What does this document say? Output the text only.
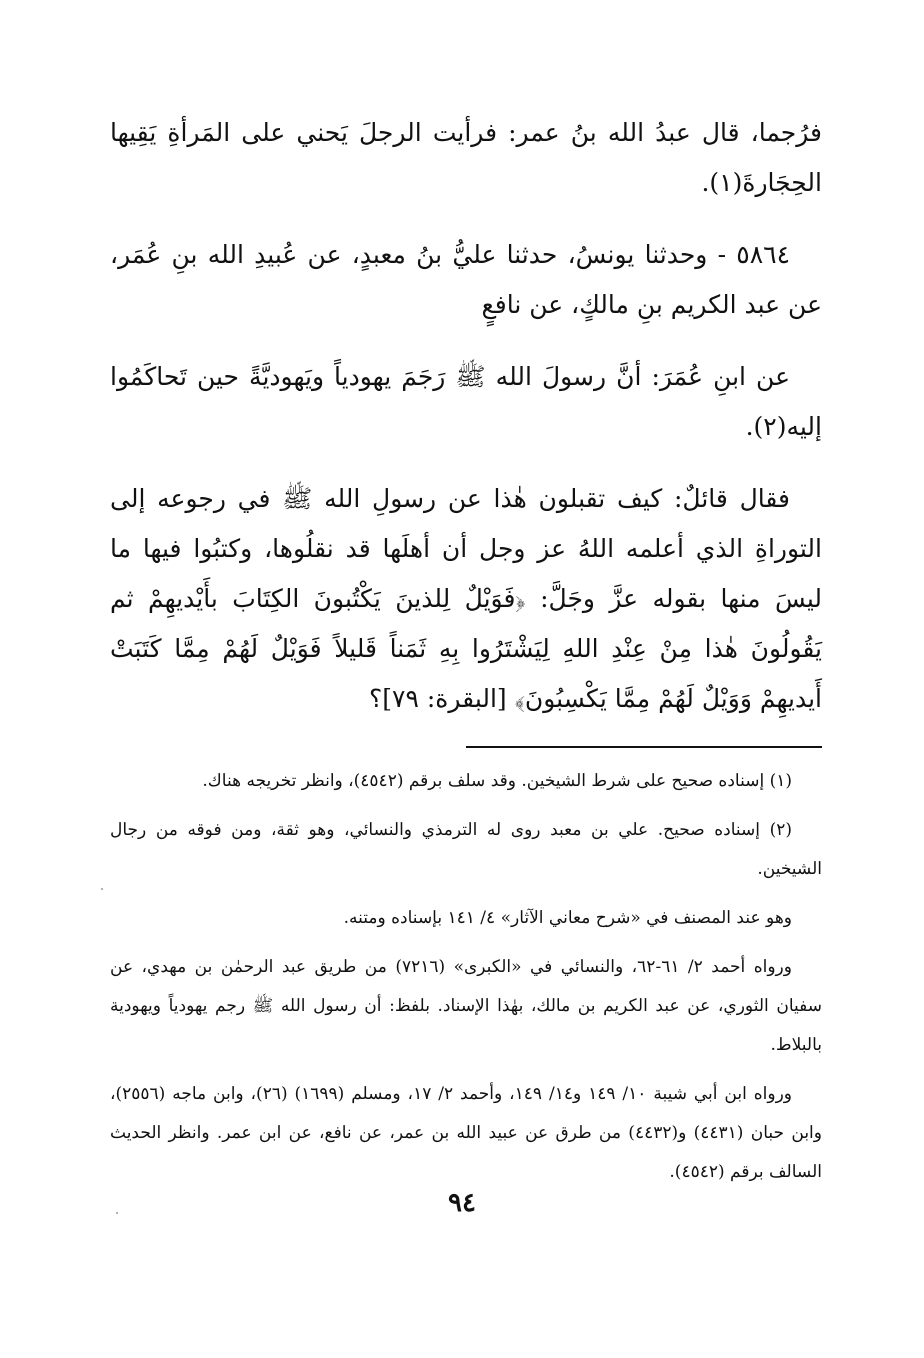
فرُجما، قال عبدُ الله بنُ عمر: فرأيت الرجلَ يَحني على المَرأةِ يَقِيها الحِجَارةَ(١).

٥٨٦٤ - وحدثنا يونسُ، حدثنا عليُّ بنُ معبدٍ، عن عُبيدِ الله بنِ عُمَر، عن عبد الكريم بنِ مالكٍ، عن نافعٍ

عن ابنِ عُمَرَ: أنَّ رسولَ الله ﷺ رَجَمَ يهودياً ويَهوديَّةً حين تَحاكَمُوا إليه(٢).

فقال قائلٌ: كيف تقبلون هٰذا عن رسولِ الله ﷺ في رجوعه إلى التوراةِ الذي أعلمه اللهُ عز وجل أن أهلَها قد نقلُوها، وكتبُوا فيها ما ليسَ منها بقوله عزَّ وجَلَّ: ﴿فَوَيْلٌ لِلذينَ يَكْتُبونَ الكِتَابَ بأَيْديهِمْ ثم يَقُولُونَ هٰذا مِنْ عِنْدِ اللهِ لِيَشْتَرُوا بِهِ ثَمَناً قَليلاً فَوَيْلٌ لَهُمْ مِمَّا كَتَبَتْ أَيديهِمْ وَوَيْلٌ لَهُمْ مِمَّا يَكْسِبُونَ﴾ [البقرة: ٧٩]؟

(١) إسناده صحيح على شرط الشيخين. وقد سلف برقم (٤٥٤٢)، وانظر تخريجه هناك.

(٢) إسناده صحيح. علي بن معبد روى له الترمذي والنسائي، وهو ثقة، ومن فوقه من رجال الشيخين.

وهو عند المصنف في «شرح معاني الآثار» ٤/ ١٤١ بإسناده ومتنه.

ورواه أحمد ٢/ ٦١-٦٢، والنسائي في «الكبرى» (٧٢١٦) من طريق عبد الرحمٰن بن مهدي، عن سفيان الثوري، عن عبد الكريم بن مالك، بهٰذا الإسناد. بلفظ: أن رسول الله ﷺ رجم يهودياً ويهودية بالبلاط.

ورواه ابن أبي شيبة ١٠/ ١٤٩ و١٤/ ١٤٩، وأحمد ٢/ ١٧، ومسلم (١٦٩٩) (٢٦)، وابن ماجه (٢٥٥٦)، وابن حبان (٤٤٣١) و(٤٤٣٢) من طرق عن عبيد الله بن عمر، عن نافع، عن ابن عمر. وانظر الحديث السالف برقم (٤٥٤٢).

٩٤
